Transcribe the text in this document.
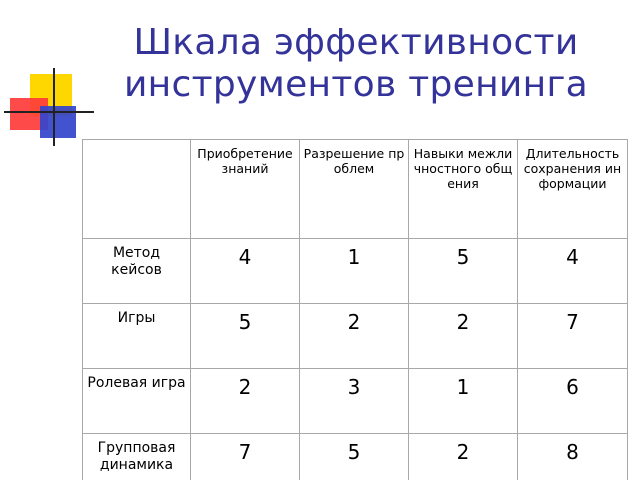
Шкала эффективности
инструментов тренинга
	Приобретение знаний	Разрешение проблем	Навыки межличностного общения	Длительность сохранения информации
Метод кейсов	4	1	5	4
Игры	5	2	2	7
Ролевая игра	2	3	1	6
Групповая динамика	7	5	2	8
